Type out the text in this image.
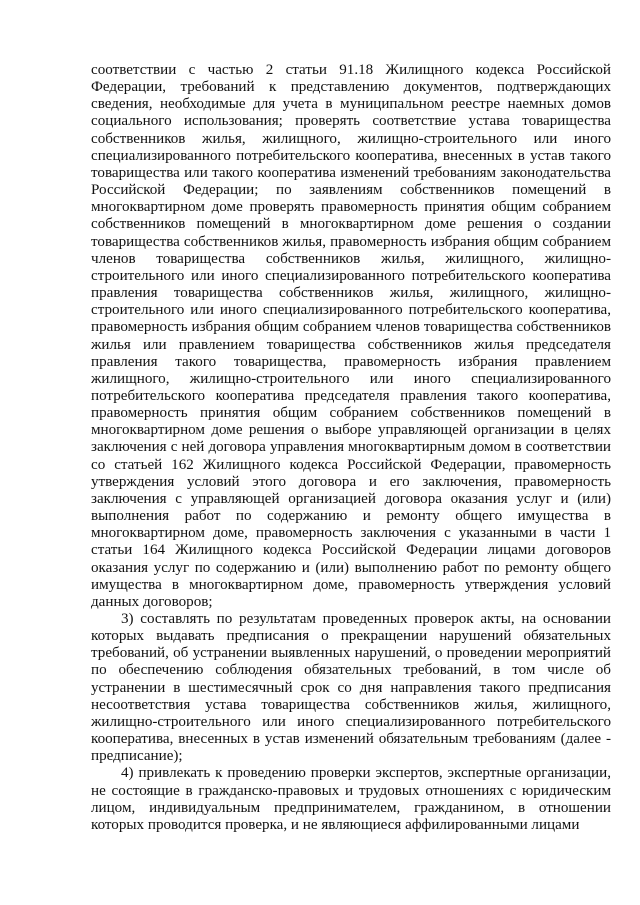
соответствии с частью 2 статьи 91.18 Жилищного кодекса Российской Федерации, требований к представлению документов, подтверждающих сведения, необходимые для учета в муниципальном реестре наемных домов социального использования; проверять соответствие устава товарищества собственников жилья, жилищного, жилищно-строительного или иного специализированного потребительского кооператива, внесенных в устав такого товарищества или такого кооператива изменений требованиям законодательства Российской Федерации; по заявлениям собственников помещений в многоквартирном доме проверять правомерность принятия общим собранием собственников помещений в многоквартирном доме решения о создании товарищества собственников жилья, правомерность избрания общим собранием членов товарищества собственников жилья, жилищного, жилищно-строительного или иного специализированного потребительского кооператива правления товарищества собственников жилья, жилищного, жилищно-строительного или иного специализированного потребительского кооператива, правомерность избрания общим собранием членов товарищества собственников жилья или правлением товарищества собственников жилья председателя правления такого товарищества, правомерность избрания правлением жилищного, жилищно-строительного или иного специализированного потребительского кооператива председателя правления такого кооператива, правомерность принятия общим собранием собственников помещений в многоквартирном доме решения о выборе управляющей организации в целях заключения с ней договора управления многоквартирным домом в соответствии со статьей 162 Жилищного кодекса Российской Федерации, правомерность утверждения условий этого договора и его заключения, правомерность заключения с управляющей организацией договора оказания услуг и (или) выполнения работ по содержанию и ремонту общего имущества в многоквартирном доме, правомерность заключения с указанными в части 1 статьи 164 Жилищного кодекса Российской Федерации лицами договоров оказания услуг по содержанию и (или) выполнению работ по ремонту общего имущества в многоквартирном доме, правомерность утверждения условий данных договоров;

3) составлять по результатам проведенных проверок акты, на основании которых выдавать предписания о прекращении нарушений обязательных требований, об устранении выявленных нарушений, о проведении мероприятий по обеспечению соблюдения обязательных требований, в том числе об устранении в шестимесячный срок со дня направления такого предписания несоответствия устава товарищества собственников жилья, жилищного, жилищно-строительного или иного специализированного потребительского кооператива, внесенных в устав изменений обязательным требованиям (далее - предписание);

4) привлекать к проведению проверки экспертов, экспертные организации, не состоящие в гражданско-правовых и трудовых отношениях с юридическим лицом, индивидуальным предпринимателем, гражданином, в отношении которых проводится проверка, и не являющиеся аффилированными лицами
